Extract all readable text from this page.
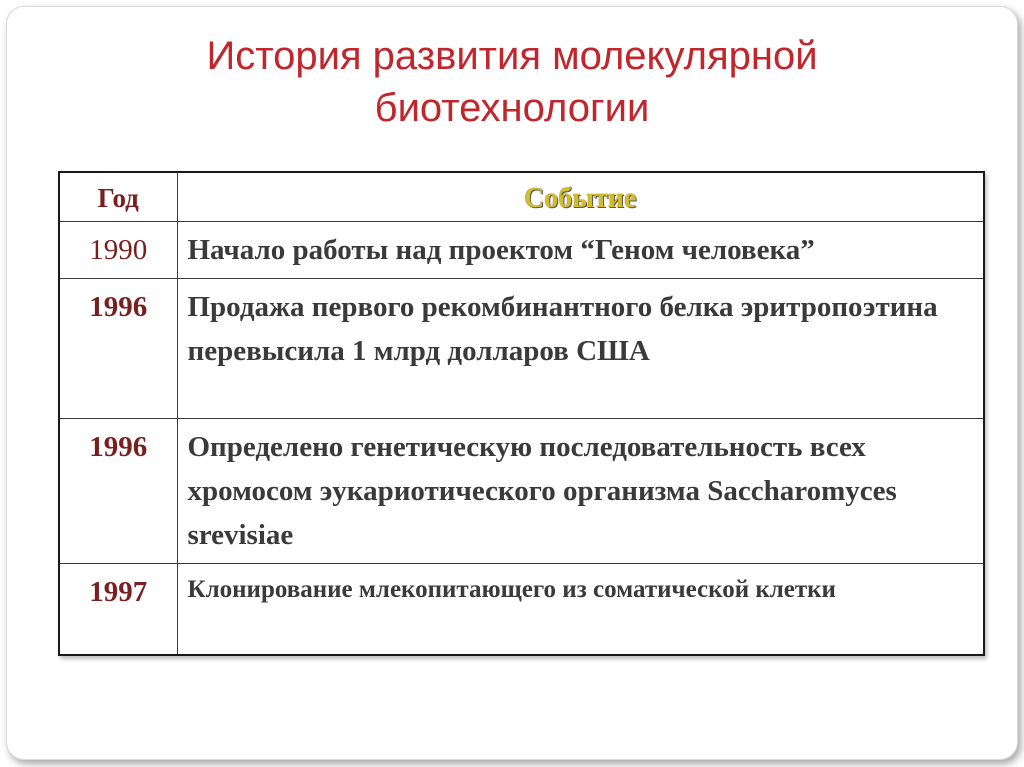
История развития молекулярной
биотехнологии
Год	Событие
1990	Начало работы над проектом “Геном человека”
1996	Продажа первого рекомбинантного белка эритропоэтина перевысила 1 млрд долларов США
1996	Определено генетическую последовательность всех хромосом эукариотического организма Saccharomyces srevisiae
1997	Клонирование млекопитающего из соматической клетки
